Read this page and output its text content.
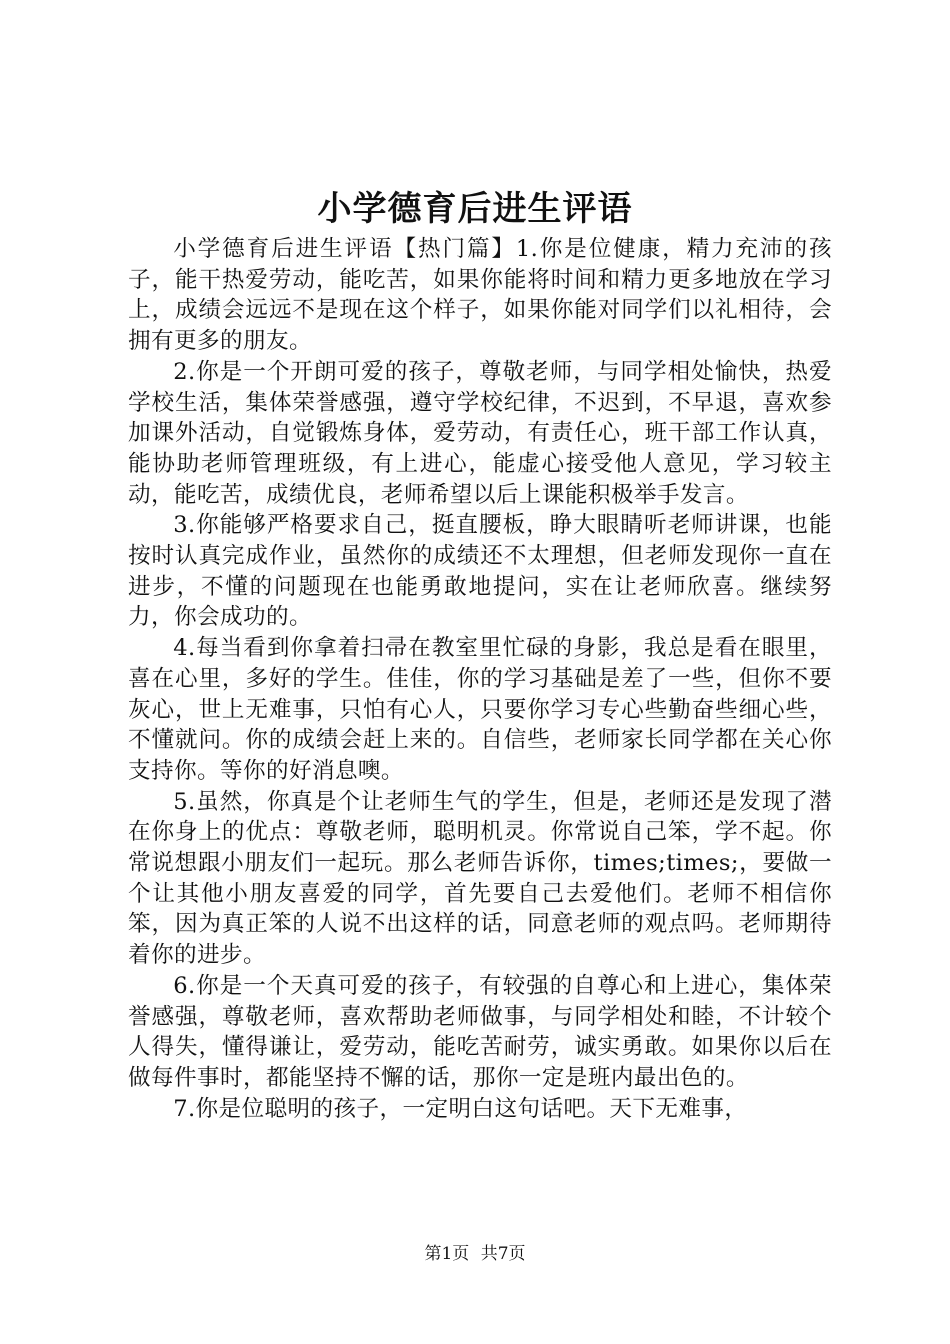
小学德育后进生评语

小学德育后进生评语【热门篇】1.你是位健康，精力充沛的孩子，能干热爱劳动，能吃苦，如果你能将时间和精力更多地放在学习上，成绩会远远不是现在这个样子，如果你能对同学们以礼相待，会拥有更多的朋友。

2.你是一个开朗可爱的孩子，尊敬老师，与同学相处愉快，热爱学校生活，集体荣誉感强，遵守学校纪律，不迟到，不早退，喜欢参加课外活动，自觉锻炼身体，爱劳动，有责任心，班干部工作认真，能协助老师管理班级，有上进心，能虚心接受他人意见，学习较主动，能吃苦，成绩优良，老师希望以后上课能积极举手发言。

3.你能够严格要求自己，挺直腰板，睁大眼睛听老师讲课，也能按时认真完成作业，虽然你的成绩还不太理想，但老师发现你一直在进步，不懂的问题现在也能勇敢地提问，实在让老师欣喜。继续努力，你会成功的。

4.每当看到你拿着扫帚在教室里忙碌的身影，我总是看在眼里，喜在心里，多好的学生。佳佳，你的学习基础是差了一些，但你不要灰心，世上无难事，只怕有心人，只要你学习专心些勤奋些细心些，不懂就问。你的成绩会赶上来的。自信些，老师家长同学都在关心你支持你。等你的好消息噢。

5.虽然，你真是个让老师生气的学生，但是，老师还是发现了潜在你身上的优点：尊敬老师，聪明机灵。你常说自己笨，学不起。你常说想跟小朋友们一起玩。那么老师告诉你，times;times;，要做一个让其他小朋友喜爱的同学，首先要自己去爱他们。老师不相信你笨，因为真正笨的人说不出这样的话，同意老师的观点吗。老师期待着你的进步。

6.你是一个天真可爱的孩子，有较强的自尊心和上进心，集体荣誉感强，尊敬老师，喜欢帮助老师做事，与同学相处和睦，不计较个人得失，懂得谦让，爱劳动，能吃苦耐劳，诚实勇敢。如果你以后在做每件事时，都能坚持不懈的话，那你一定是班内最出色的。

7.你是位聪明的孩子，一定明白这句话吧。天下无难事，

第1页 共7页
